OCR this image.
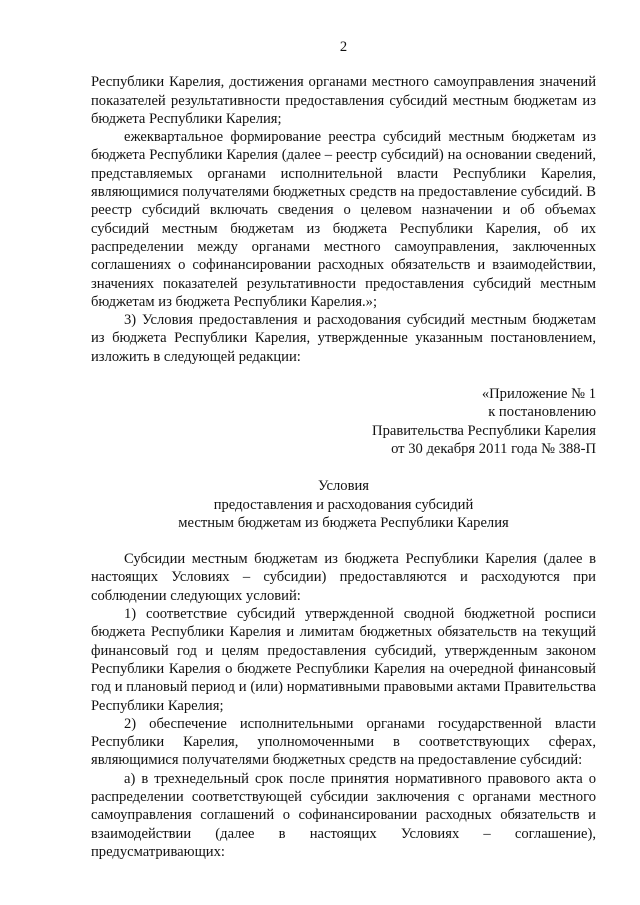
2

Республики Карелия, достижения органами местного самоуправления значений показателей результативности предоставления субсидий местным бюджетам из бюджета Республики Карелия;

ежеквартальное формирование реестра субсидий местным бюджетам из бюджета Республики Карелия (далее – реестр субсидий) на основании сведений, представляемых органами исполнительной власти Республики Карелия, являющимися получателями бюджетных средств на предоставление субсидий. В реестр субсидий включать сведения о целевом назначении и об объемах субсидий местным бюджетам из бюджета Республики Карелия, об их распределении между органами местного самоуправления, заключенных соглашениях о софинансировании расходных обязательств и взаимодействии, значениях показателей результативности предоставления субсидий местным бюджетам из бюджета Республики Карелия.»;

3) Условия предоставления и расходования субсидий местным бюджетам из бюджета Республики Карелия, утвержденные указанным постановлением, изложить в следующей редакции:

«Приложение № 1
к постановлению
Правительства Республики Карелия
от 30 декабря 2011 года № 388-П
Условия
предоставления и расходования субсидий
местным бюджетам из бюджета Республики Карелия

Субсидии местным бюджетам из бюджета Республики Карелия (далее в настоящих Условиях – субсидии) предоставляются и расходуются при соблюдении следующих условий:

1) соответствие субсидий утвержденной сводной бюджетной росписи бюджета Республики Карелия и лимитам бюджетных обязательств на текущий финансовый год и целям предоставления субсидий, утвержденным законом Республики Карелия о бюджете Республики Карелия на очередной финансовый год и плановый период и (или) нормативными правовыми актами Правительства Республики Карелия;

2) обеспечение исполнительными органами государственной власти Республики Карелия, уполномоченными в соответствующих сферах, являющимися получателями бюджетных средств на предоставление субсидий:

а) в трехнедельный срок после принятия нормативного правового акта о распределении соответствующей субсидии заключения с органами местного самоуправления соглашений о софинансировании расходных обязательств и взаимодействии (далее в настоящих Условиях – соглашение), предусматривающих:
